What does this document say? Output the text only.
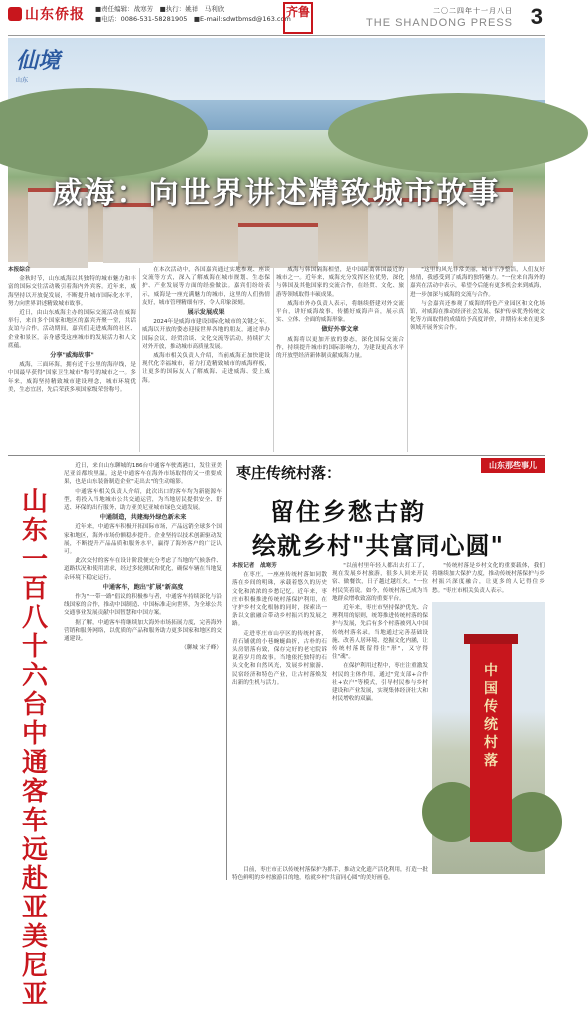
山东侨报 ■责任编辑：战寒芳　■执行：姚祥　马利欣
■电话：0086-531-58281905　■E-mail:sdwtbmsd@163.com
齐鲁	二〇二四年十一月八日
THE SHANDONG PRESS 3
仙境
山东
威海：向世界讲述精致城市故事

本报综合

金秋时节，山东威海以其独特的城市魅力和丰富的国际交往活动吸引着海内外宾客。近年来，威海坚持以开放促发展，不断提升城市国际化水平，努力向世界讲述精致城市故事。

近日，由山东威海主办的国际交流活动在威海举行，来自多个国家和地区的嘉宾齐聚一堂，共话友谊与合作。活动期间，嘉宾们走进威海的社区、企业和景区，亲身感受这座城市的发展活力和人文底蕴。

分享"威海故事"

威海，三面环海，拥有近千公里的海岸线，是中国最早获得"国家卫生城市"称号的城市之一。多年来，威海坚持精致城市建设理念，城市环境优美，生态宜居，先后荣获多项国家级荣誉称号。

在本次活动中，各国嘉宾通过实地参观、座谈交流等方式，深入了解威海在城市规划、生态保护、产业发展等方面的经验做法。嘉宾们纷纷表示，威海是一座充满魅力的城市，这里的人们热情友好，城市管理精细有序，令人印象深刻。

展示发展成果

2024年是威海市建设国际化城市的关键之年。威海以开放的姿态迎接世界各地的朋友，通过举办国际会议、经贸洽谈、文化交流等活动，持续扩大对外开放，推动城市高质量发展。

威海市相关负责人介绍，当前威海正加快建设现代化幸福城市，着力打造精致城市的威海样板，让更多的国际友人了解威海、走进威海、爱上威海。

威海与韩国隔海相望，是中国距离韩国最近的城市之一。近年来，威海充分发挥区位优势，深化与韩国及其他国家的交流合作，在经贸、文化、旅游等领域取得丰硕成果。

威海市外办负责人表示，将继续搭建对外交流平台，讲好威海故事，传播好威海声音，展示真实、立体、全面的威海形象。

做好外事文章

威海将以更加开放的姿态，深化国际交流合作，持续提升城市的国际影响力，为建设更高水平的开放型经济新体制贡献威海力量。

"这里的风光非常美丽，城市干净整洁，人们友好热情，我感受到了威海的独特魅力。"一位来自海外的嘉宾在活动中表示，希望今后能有更多机会来到威海，进一步加深与威海的交流与合作。

与会嘉宾还参观了威海的特色产业园区和文化场馆，对威海在推动经济社会发展、保护传承优秀传统文化等方面取得的成绩给予高度评价，并期待未来在更多领域开展务实合作。

山东那些事儿
山东一百八十六台中通客车远赴亚美尼亚

近日，来自山东聊城的186台中通客车驶离港口，发往亚美尼亚首都埃里温。这是中通客车在海外市场取得的又一重要成果，也是山东装备制造企业"走出去"的生动缩影。

中通客车相关负责人介绍，此次出口的客车均为新能源车型，将投入当地城市公共交通运营，为当地居民提供安全、舒适、环保的出行服务，助力亚美尼亚城市绿色交通发展。

中通制造，共建海外绿色新未来

近年来，中通客车积极开拓国际市场，产品远销全球多个国家和地区，海外市场份额稳步提升。企业坚持以技术创新驱动发展，不断提升产品品质和服务水平，赢得了海外客户的广泛认可。

此次交付的客车在设计阶段便充分考虑了当地的气候条件、道路状况和使用需求，经过多轮测试和优化，确保车辆在当地复杂环境下稳定运行。

中通客车，跑出"扩展"新高度

作为"一带一路"倡议的积极参与者，中通客车持续深化与沿线国家的合作，推动中国制造、中国标准走向世界，为全球公共交通事业发展贡献中国智慧和中国方案。

据了解，中通客车将继续加大海外市场拓展力度，完善海外营销和服务网络，以优质的产品和服务助力更多国家和地区的交通建设。

（聊城 宋子峰）

枣庄传统村落：
留住乡愁古韵
绘就乡村"共富同心圆"

本报记者　战寒芳

在枣庄，一座座传统村落如同散落在乡间的明珠，承载着悠久的历史文化和浓浓的乡愁记忆。近年来，枣庄市积极推进传统村落保护利用，在守护乡村文化根脉的同时，探索出一条以文旅融合带动乡村振兴的发展之路。

走进枣庄市山亭区的传统村落，青石铺就的小巷蜿蜒曲折，古朴的石头房错落有致，保存完好的老宅院诉说着岁月的故事。当地依托独特的石头文化和自然风光，发展乡村旅游、民宿经济和特色产业，让古村落焕发出新的生机与活力。

"以前村里年轻人都出去打工了，现在发展乡村旅游，很多人回来开民宿、做餐饮，日子越过越红火。"一位村民笑着说。如今，传统村落已成为当地群众增收致富的重要平台。

近年来，枣庄市坚持保护优先、合理利用的原则，统筹推进传统村落的保护与发展，先后有多个村落被列入中国传统村落名录。当地通过完善基础设施、改善人居环境、挖掘文化内涵，让传统村落既留得住"形"，又守得住"魂"。

在保护利用过程中，枣庄注重激发村民的主体作用，通过"党支部+合作社+农户"等模式，引导村民参与乡村建设和产业发展，实现集体经济壮大和村民增收的双赢。

"传统村落是乡村文化的重要载体，我们将继续加大保护力度，推动传统村落保护与乡村振兴深度融合，让更多的人记得住乡愁。"枣庄市相关负责人表示。

中国传统村落

目前，枣庄市正以传统村落保护为抓手，推动文化遗产活化利用，打造一批特色鲜明的乡村旅游目的地，绘就乡村"共富同心圆"的美好画卷。
